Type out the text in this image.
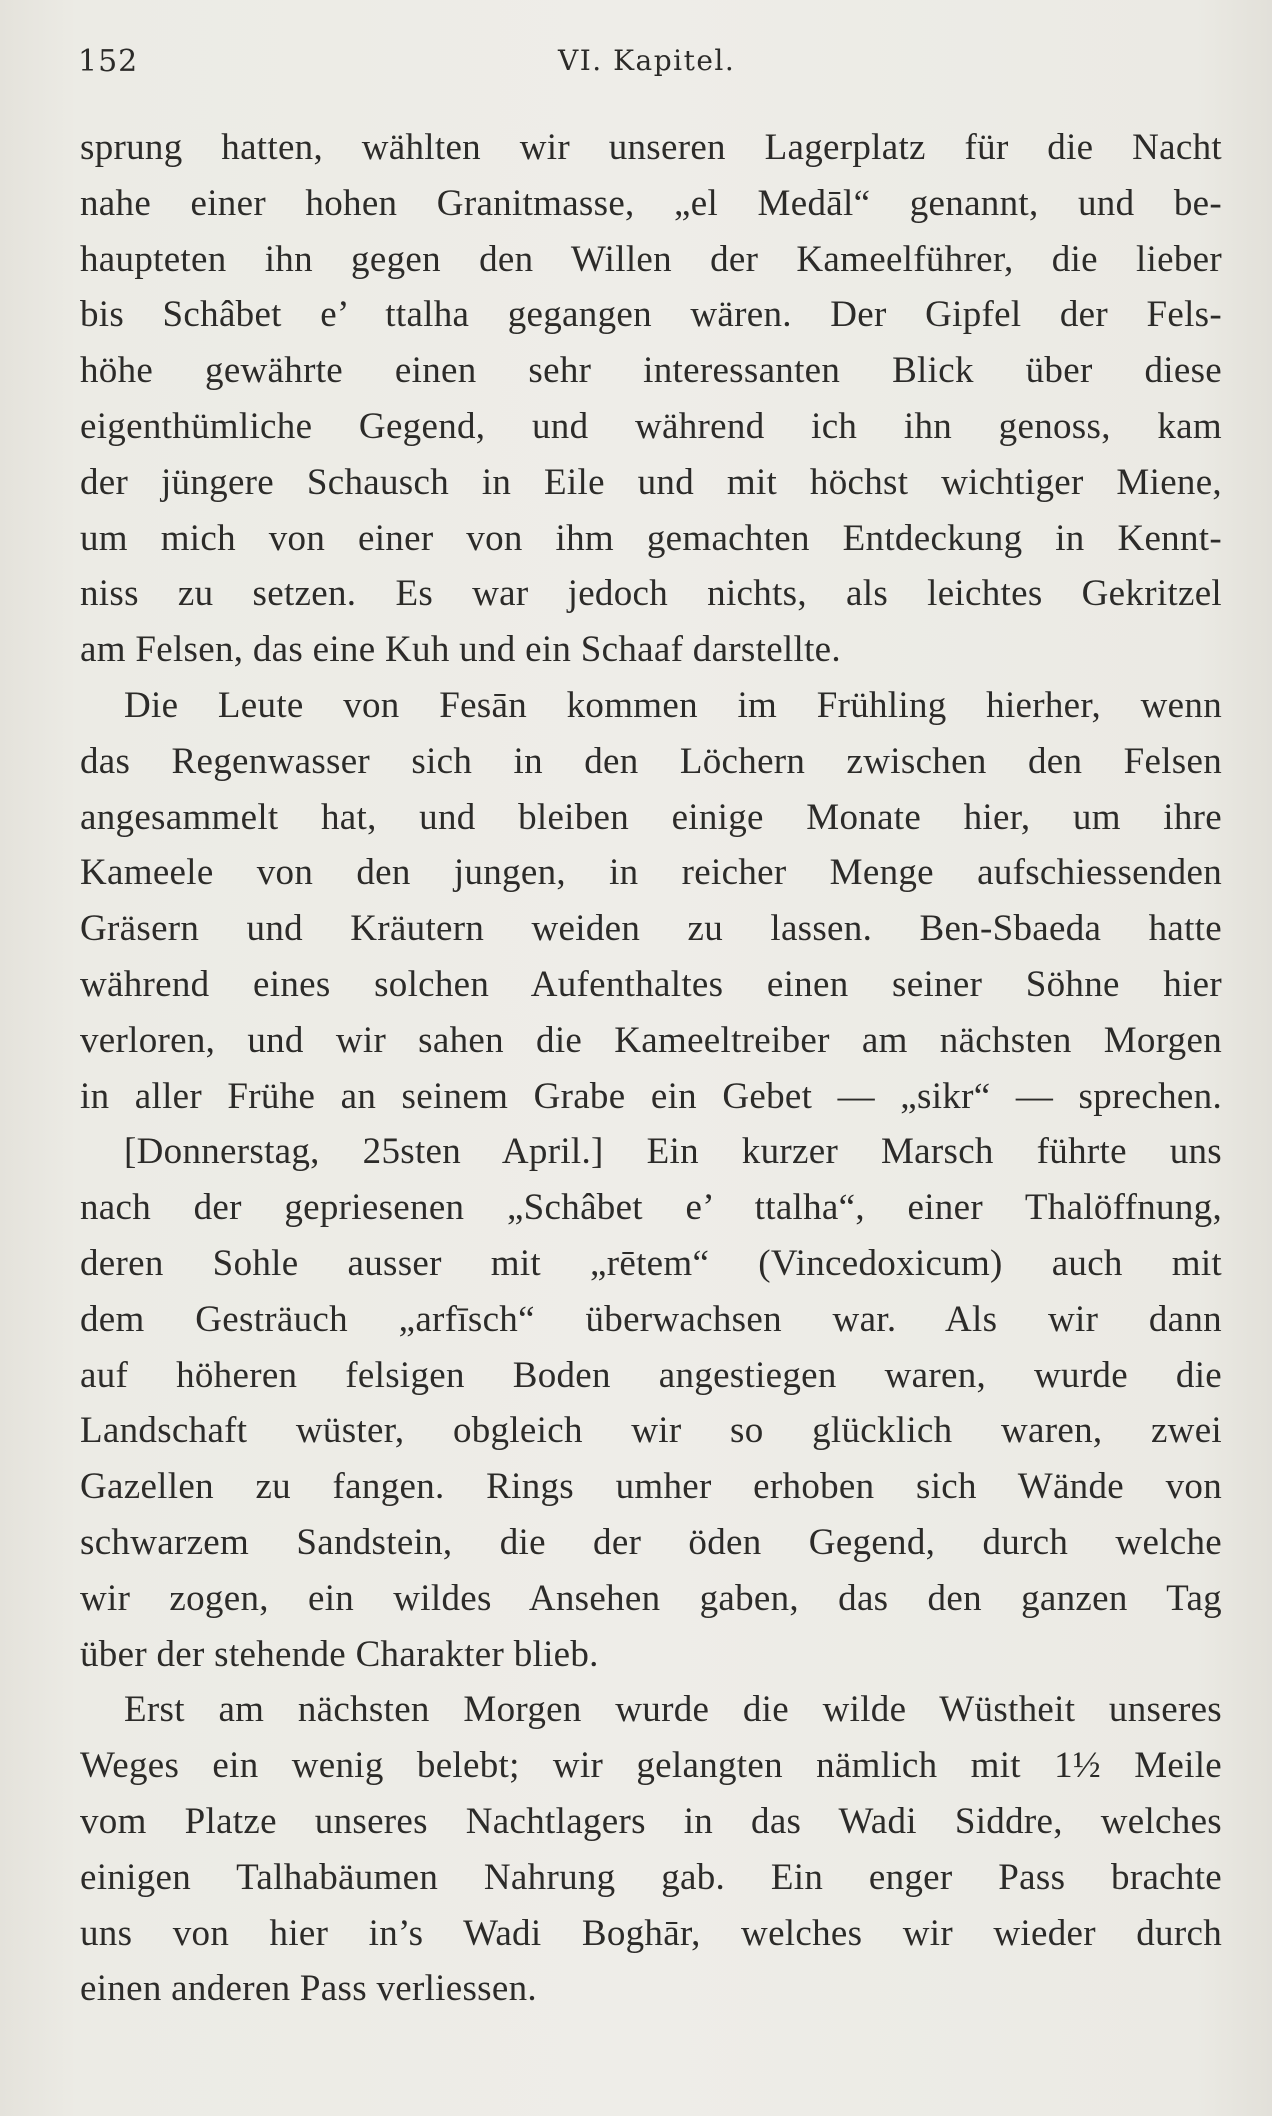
152	VI. Kapitel.
sprung hatten, wählten wir unseren Lagerplatz für die Nacht
nahe einer hohen Granitmasse, „el Medāl“ genannt, und be-
haupteten ihn gegen den Willen der Kameelführer, die lieber
bis Schâbet e’ ttalha gegangen wären. Der Gipfel der Fels-
höhe gewährte einen sehr interessanten Blick über diese
eigenthümliche Gegend, und während ich ihn genoss, kam
der jüngere Schausch in Eile und mit höchst wichtiger Miene,
um mich von einer von ihm gemachten Entdeckung in Kennt-
niss zu setzen. Es war jedoch nichts, als leichtes Gekritzel
am Felsen, das eine Kuh und ein Schaaf darstellte.
Die Leute von Fesān kommen im Frühling hierher, wenn
das Regenwasser sich in den Löchern zwischen den Felsen
angesammelt hat, und bleiben einige Monate hier, um ihre
Kameele von den jungen, in reicher Menge aufschiessenden
Gräsern und Kräutern weiden zu lassen. Ben-Sbaeda hatte
während eines solchen Aufenthaltes einen seiner Söhne hier
verloren, und wir sahen die Kameeltreiber am nächsten Morgen
in aller Frühe an seinem Grabe ein Gebet — „sikr“ — sprechen.
[Donnerstag, 25sten April.] Ein kurzer Marsch führte uns
nach der gepriesenen „Schâbet e’ ttalha“, einer Thalöffnung,
deren Sohle ausser mit „rētem“ (Vincedoxicum) auch mit
dem Gesträuch „arfīsch“ überwachsen war. Als wir dann
auf höheren felsigen Boden angestiegen waren, wurde die
Landschaft wüster, obgleich wir so glücklich waren, zwei
Gazellen zu fangen. Rings umher erhoben sich Wände von
schwarzem Sandstein, die der öden Gegend, durch welche
wir zogen, ein wildes Ansehen gaben, das den ganzen Tag
über der stehende Charakter blieb.
Erst am nächsten Morgen wurde die wilde Wüstheit unseres
Weges ein wenig belebt; wir gelangten nämlich mit 1½ Meile
vom Platze unseres Nachtlagers in das Wadi Siddre, welches
einigen Talhabäumen Nahrung gab. Ein enger Pass brachte
uns von hier in’s Wadi Boghār, welches wir wieder durch
einen anderen Pass verliessen.
